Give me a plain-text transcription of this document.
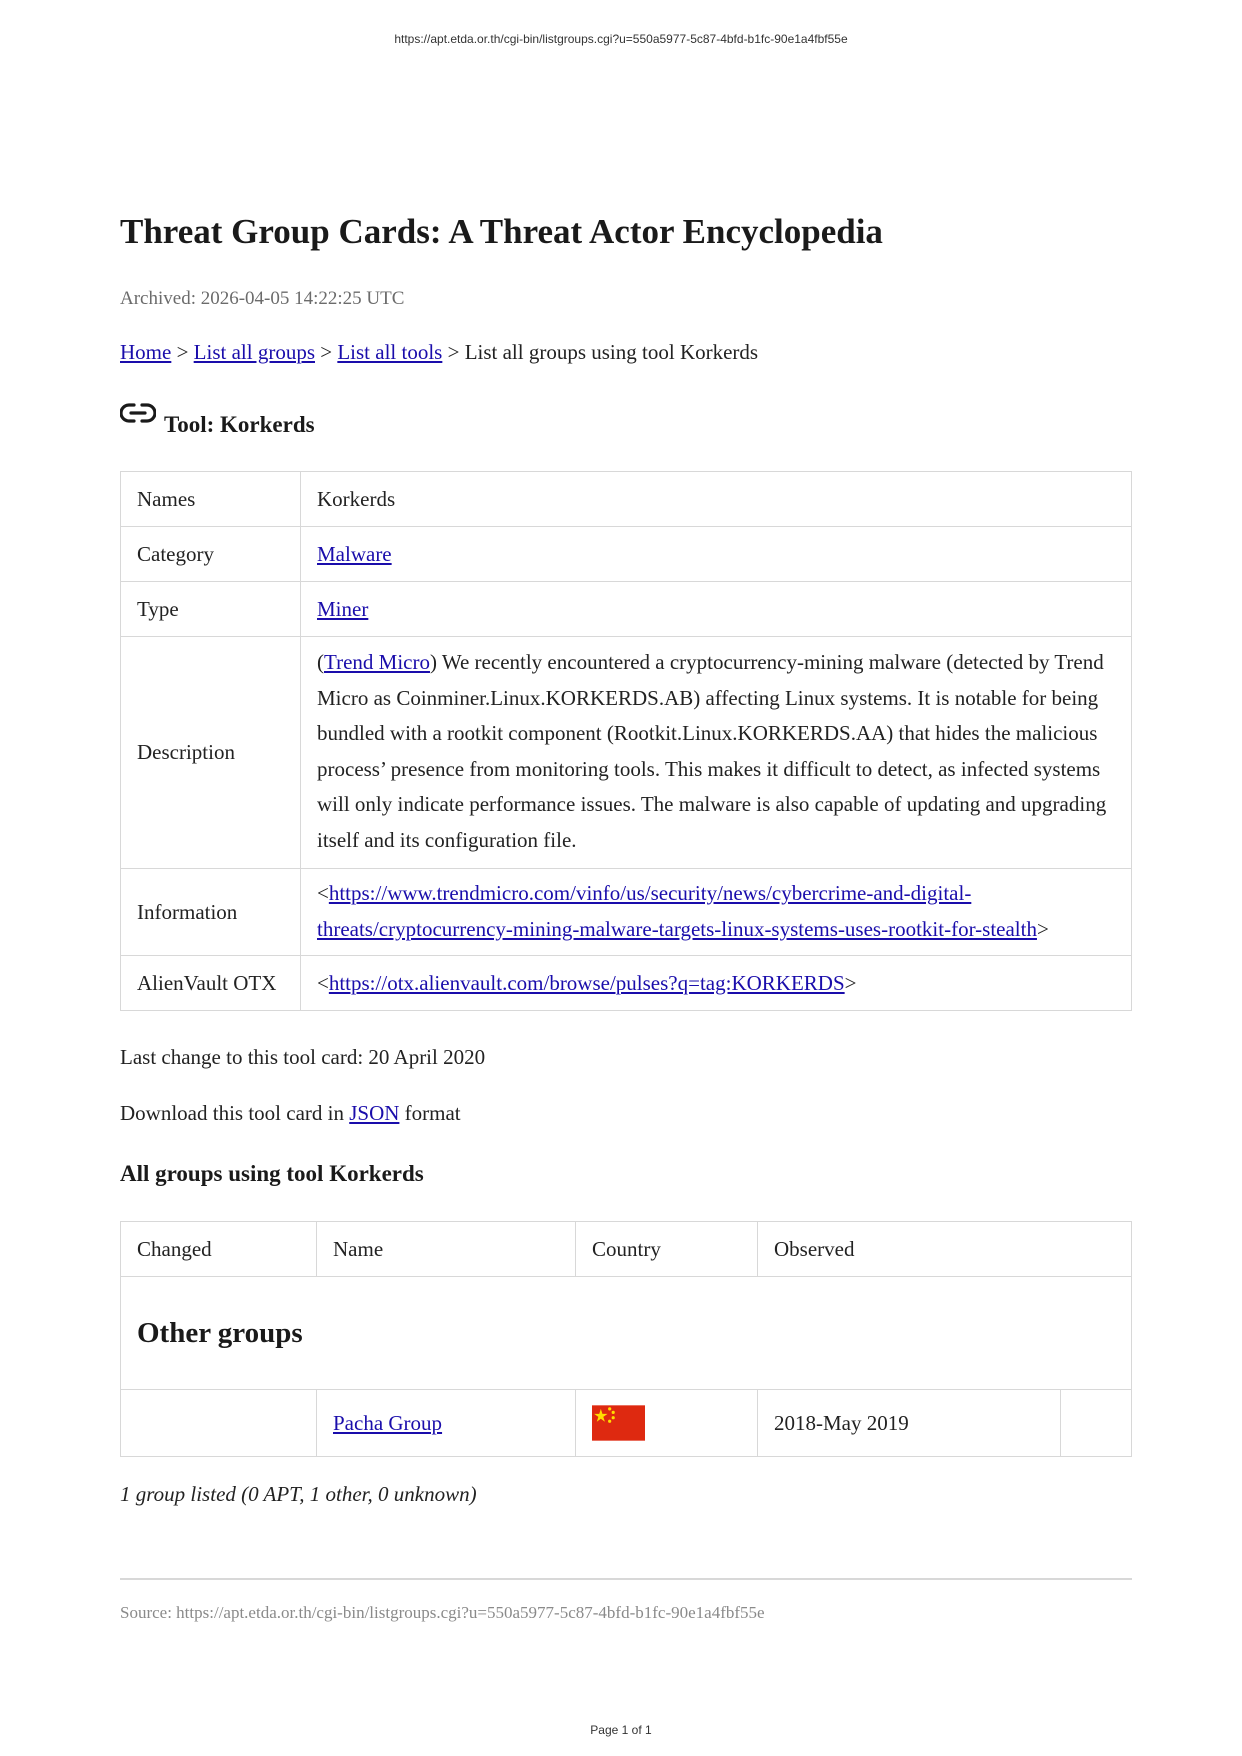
https://apt.etda.or.th/cgi-bin/listgroups.cgi?u=550a5977-5c87-4bfd-b1fc-90e1a4fbf55e
Threat Group Cards: A Threat Actor Encyclopedia
Archived: 2026-04-05 14:22:25 UTC
Home > List all groups > List all tools > List all groups using tool Korkerds
Tool: Korkerds
Names	Korkerds
Category	Malware
Type	Miner
Description	(Trend Micro) We recently encountered a cryptocurrency-mining malware (detected by Trend Micro as Coinminer.Linux.KORKERDS.AB) affecting Linux systems. It is notable for being bundled with a rootkit component (Rootkit.Linux.KORKERDS.AA) that hides the malicious process’ presence from monitoring tools. This makes it difficult to detect, as infected systems will only indicate performance issues. The malware is also capable of updating and upgrading itself and its configuration file.
Information	<https://www.trendmicro.com/vinfo/us/security/news/cybercrime-and-digital-threats/cryptocurrency-mining-malware-targets-linux-systems-uses-rootkit-for-stealth>
AlienVault OTX	<https://otx.alienvault.com/browse/pulses?q=tag:KORKERDS>
Last change to this tool card: 20 April 2020
Download this tool card in JSON format
All groups using tool Korkerds
Changed	Name	Country	Observed	
Other groups				
	Pacha Group		2018-May 2019	
1 group listed (0 APT, 1 other, 0 unknown)
Source: https://apt.etda.or.th/cgi-bin/listgroups.cgi?u=550a5977-5c87-4bfd-b1fc-90e1a4fbf55e
Page 1 of 1
